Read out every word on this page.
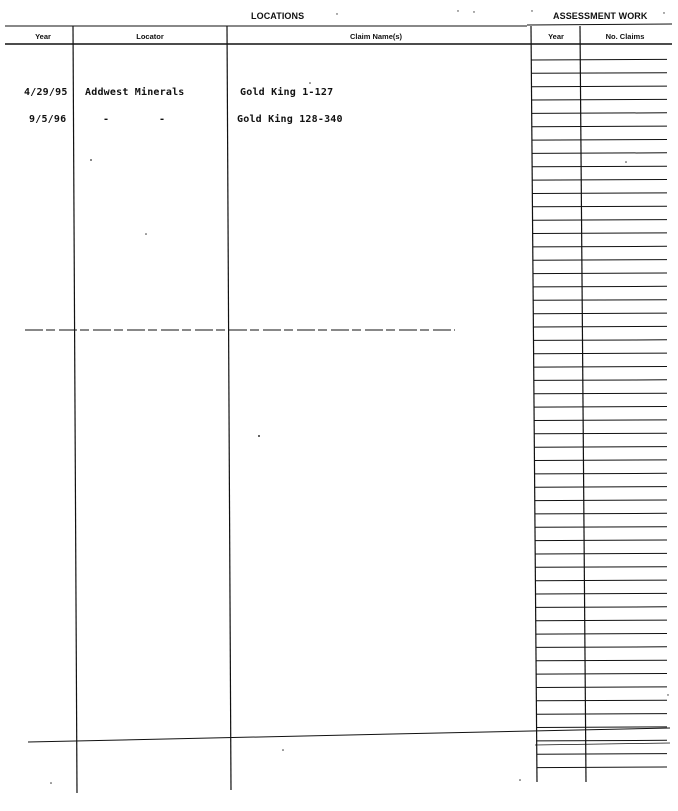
LOCATIONS	ASSESSMENT WORK
Year	Locator	Claim Name(s)	Year	No. Claims
4/29/95 Addwest Minerals	Gold King 1-127
9/5/96	-        -	Gold King 128-340
